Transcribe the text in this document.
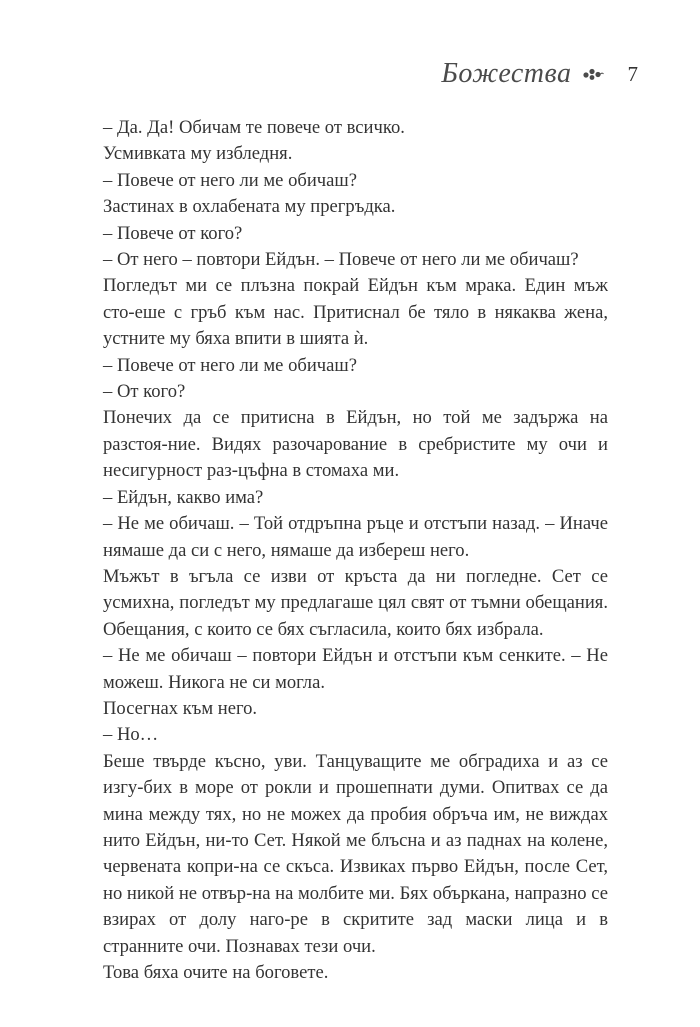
Божества	7

– Да. Да! Обичам те повече от всичко.

Усмивката му избледня.

– Повече от него ли ме обичаш?

Застинах в охлабената му прегръдка.

– Повече от кого?

– От него – повтори Ейдън. – Повече от него ли ме обичаш?

Погледът ми се плъзна покрай Ейдън към мрака. Един мъж сто-еше с гръб към нас. Притиснал бе тяло в някаква жена, устните му бяха впити в шията ѝ.

– Повече от него ли ме обичаш?

– От кого?

Понечих да се притисна в Ейдън, но той ме задържа на разстоя-ние. Видях разочарование в сребристите му очи и несигурност раз-цъфна в стомаха ми.

– Ейдън, какво има?

– Не ме обичаш. – Той отдръпна ръце и отстъпи назад. – Иначе нямаше да си с него, нямаше да избереш него.

Мъжът в ъгъла се изви от кръста да ни погледне. Сет се усмихна, погледът му предлагаше цял свят от тъмни обещания. Обещания, с които се бях съгласила, които бях избрала.

– Не ме обичаш – повтори Ейдън и отстъпи към сенките. – Не можеш. Никога не си могла.

Посегнах към него.

– Но…

Беше твърде късно, уви. Танцуващите ме обградиха и аз се изгу-бих в море от рокли и прошепнати думи. Опитвах се да мина между тях, но не можех да пробия обръча им, не виждах нито Ейдън, ни-то Сет. Някой ме блъсна и аз паднах на колене, червената копри-на се скъса. Извиках първо Ейдън, после Сет, но никой не отвър-на на молбите ми. Бях объркана, напразно се взирах от долу наго-ре в скритите зад маски лица и в странните очи. Познавах тези очи.

Това бяха очите на боговете.
